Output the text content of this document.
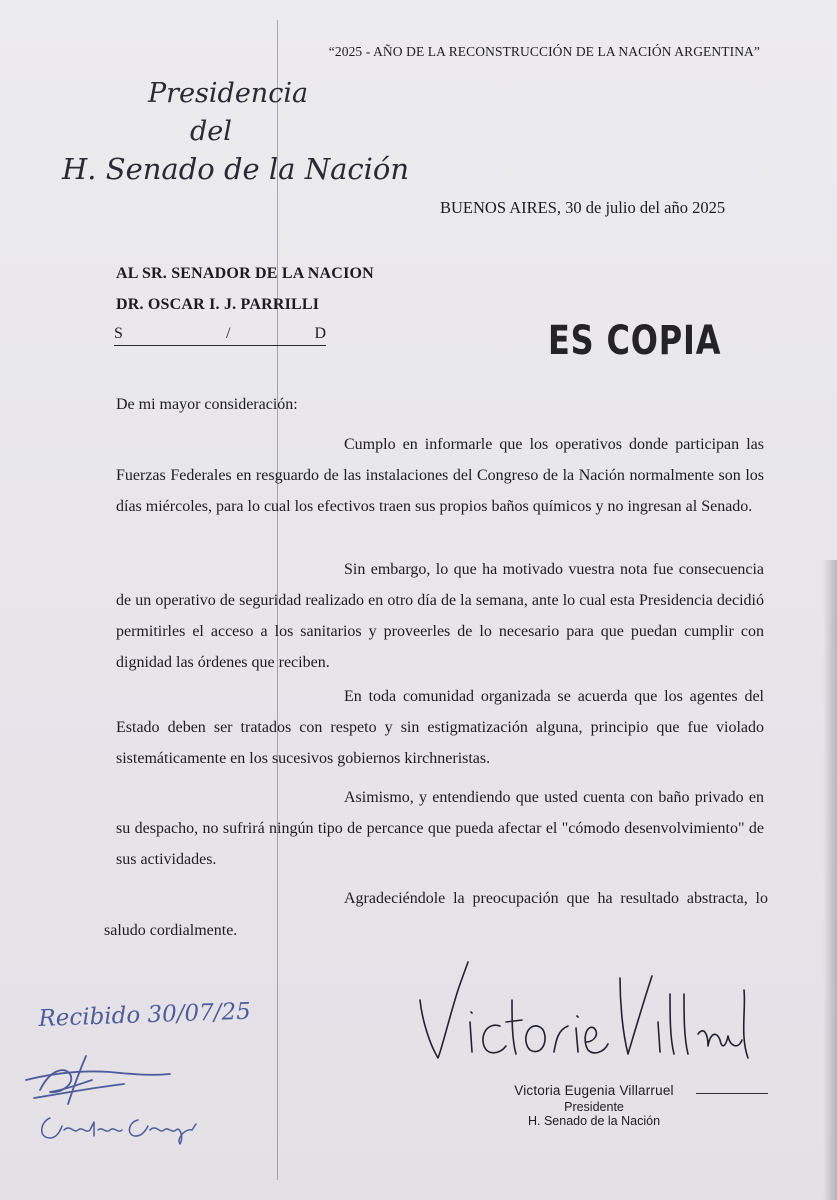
“2025 - AÑO DE LA RECONSTRUCCIÓN DE LA NACIÓN ARGENTINA”
Presidencia
del
H. Senado de la Nación
BUENOS AIRES, 30 de julio del año 2025
AL SR. SENADOR DE LA NACION
DR. OSCAR I. J. PARRILLI
S	/	D	ES COPIA
De mi mayor consideración:
Cumplo en informarle que los operativos donde participan las Fuerzas Federales en resguardo de las instalaciones del Congreso de la Nación normalmente son los días miércoles, para lo cual los efectivos traen sus propios baños químicos y no ingresan al Senado.
Sin embargo, lo que ha motivado vuestra nota fue consecuencia de un operativo de seguridad realizado en otro día de la semana, ante lo cual esta Presidencia decidió permitirles el acceso a los sanitarios y proveerles de lo necesario para que puedan cumplir con dignidad las órdenes que reciben.
En toda comunidad organizada se acuerda que los agentes del Estado deben ser tratados con respeto y sin estigmatización alguna, principio que fue violado sistemáticamente en los sucesivos gobiernos kirchneristas.
Asimismo, y entendiendo que usted cuenta con baño privado en su despacho, no sufrirá ningún tipo de percance que pueda afectar el "cómodo desenvolvimiento" de sus actividades.
Agradeciéndole la preocupación que ha resultado abstracta, lo saludo cordialmente.
Victoria Eugenia Villarruel
Presidente
H. Senado de la Nación
Recibido 30/07/25
